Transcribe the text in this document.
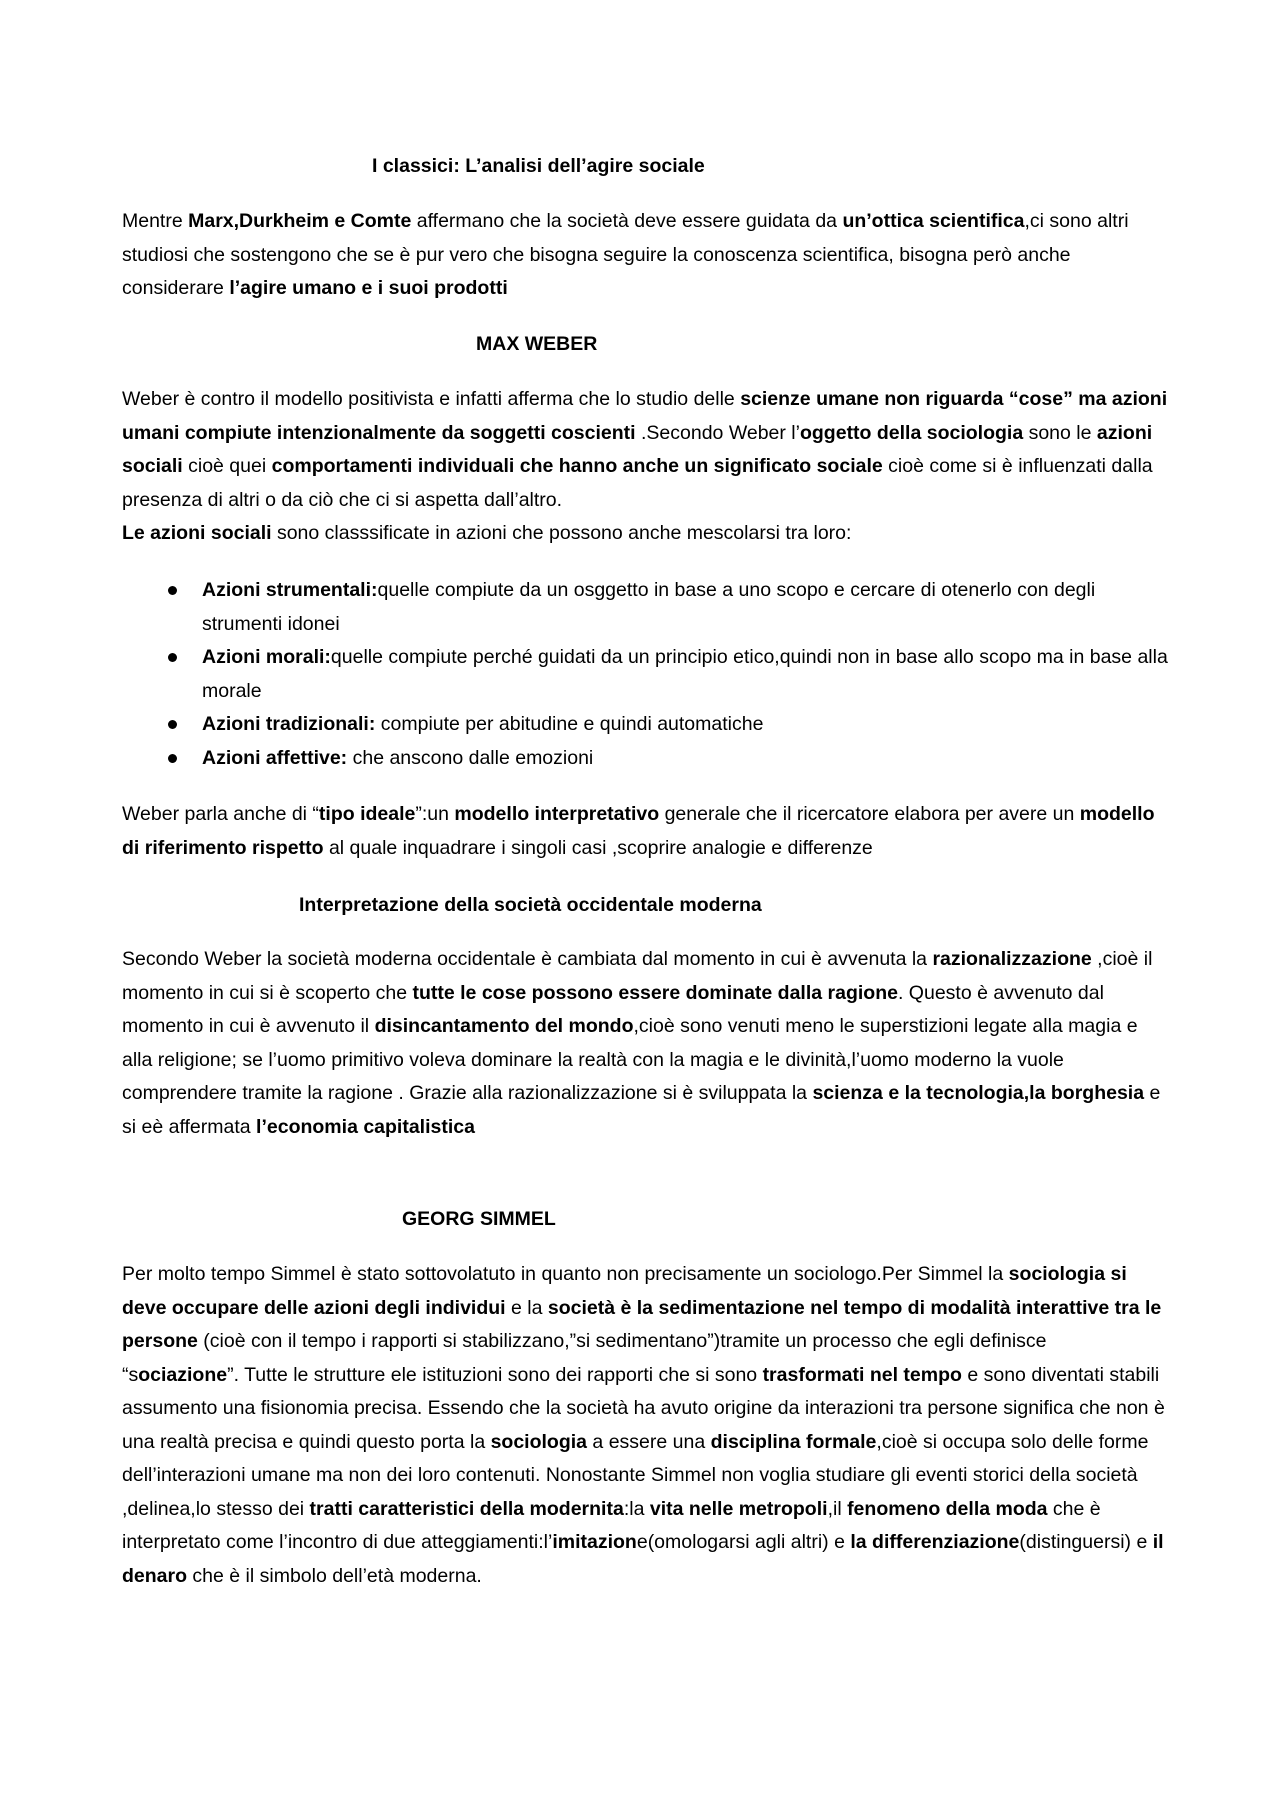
I classici: L’analisi dell’agire sociale

Mentre Marx,Durkheim e Comte affermano che la società deve essere guidata da un’ottica scientifica,ci sono altri studiosi che sostengono che se è pur vero che bisogna seguire la conoscenza scientifica, bisogna però anche considerare l’agire umano e i suoi prodotti

MAX WEBER

Weber è contro il modello positivista e infatti afferma che lo studio delle scienze umane non riguarda “cose” ma azioni umani compiute intenzionalmente da soggetti coscienti .Secondo Weber l’oggetto della sociologia sono le azioni sociali cioè quei comportamenti individuali che hanno anche un significato sociale cioè come si è influenzati dalla presenza di altri o da ciò che ci si aspetta dall’altro.

Le azioni sociali sono classsificate in azioni che possono anche mescolarsi tra loro:

Azioni strumentali:quelle compiute da un osggetto in base a uno scopo e cercare di otenerlo con degli strumenti idonei
Azioni morali:quelle compiute perché guidati da un principio etico,quindi non in base allo scopo ma in base alla morale
Azioni tradizionali: compiute per abitudine e quindi automatiche
Azioni affettive: che anscono dalle emozioni

Weber parla anche di “tipo ideale”:un modello interpretativo generale che il ricercatore elabora per avere un modello di riferimento rispetto al quale inquadrare i singoli casi ,scoprire analogie e differenze

Interpretazione della società occidentale moderna

Secondo Weber la società moderna occidentale è cambiata dal momento in cui è avvenuta la razionalizzazione ,cioè il momento in cui si è scoperto che tutte le cose possono essere dominate dalla ragione. Questo è avvenuto dal momento in cui è avvenuto il disincantamento del mondo,cioè sono venuti meno le superstizioni legate alla magia e alla religione; se l’uomo primitivo voleva dominare la realtà con la magia e le divinità,l’uomo moderno la vuole comprendere tramite la ragione . Grazie alla razionalizzazione si è sviluppata la scienza e la tecnologia,la borghesia e si eè affermata l’economia capitalistica

GEORG SIMMEL

Per molto tempo Simmel è stato sottovolatuto in quanto non precisamente un sociologo.Per Simmel la sociologia si deve occupare delle azioni degli individui e la società è la sedimentazione nel tempo di modalità interattive tra le persone (cioè con il tempo i rapporti si stabilizzano,”si sedimentano”)tramite un processo che egli definisce “sociazione”. Tutte le strutture ele istituzioni sono dei rapporti che si sono trasformati nel tempo e sono diventati stabili assumento una fisionomia precisa. Essendo che la società ha avuto origine da interazioni tra persone significa che non è una realtà precisa e quindi questo porta la sociologia a essere una disciplina formale,cioè si occupa solo delle forme dell’interazioni umane ma non dei loro contenuti. Nonostante Simmel non voglia studiare gli eventi storici della società ,delinea,lo stesso dei tratti caratteristici della modernita:la vita nelle metropoli,il fenomeno della moda che è interpretato come l’incontro di due atteggiamenti:l’imitazione(omologarsi agli altri) e la differenziazione(distinguersi) e il denaro che è il simbolo dell’età moderna.
